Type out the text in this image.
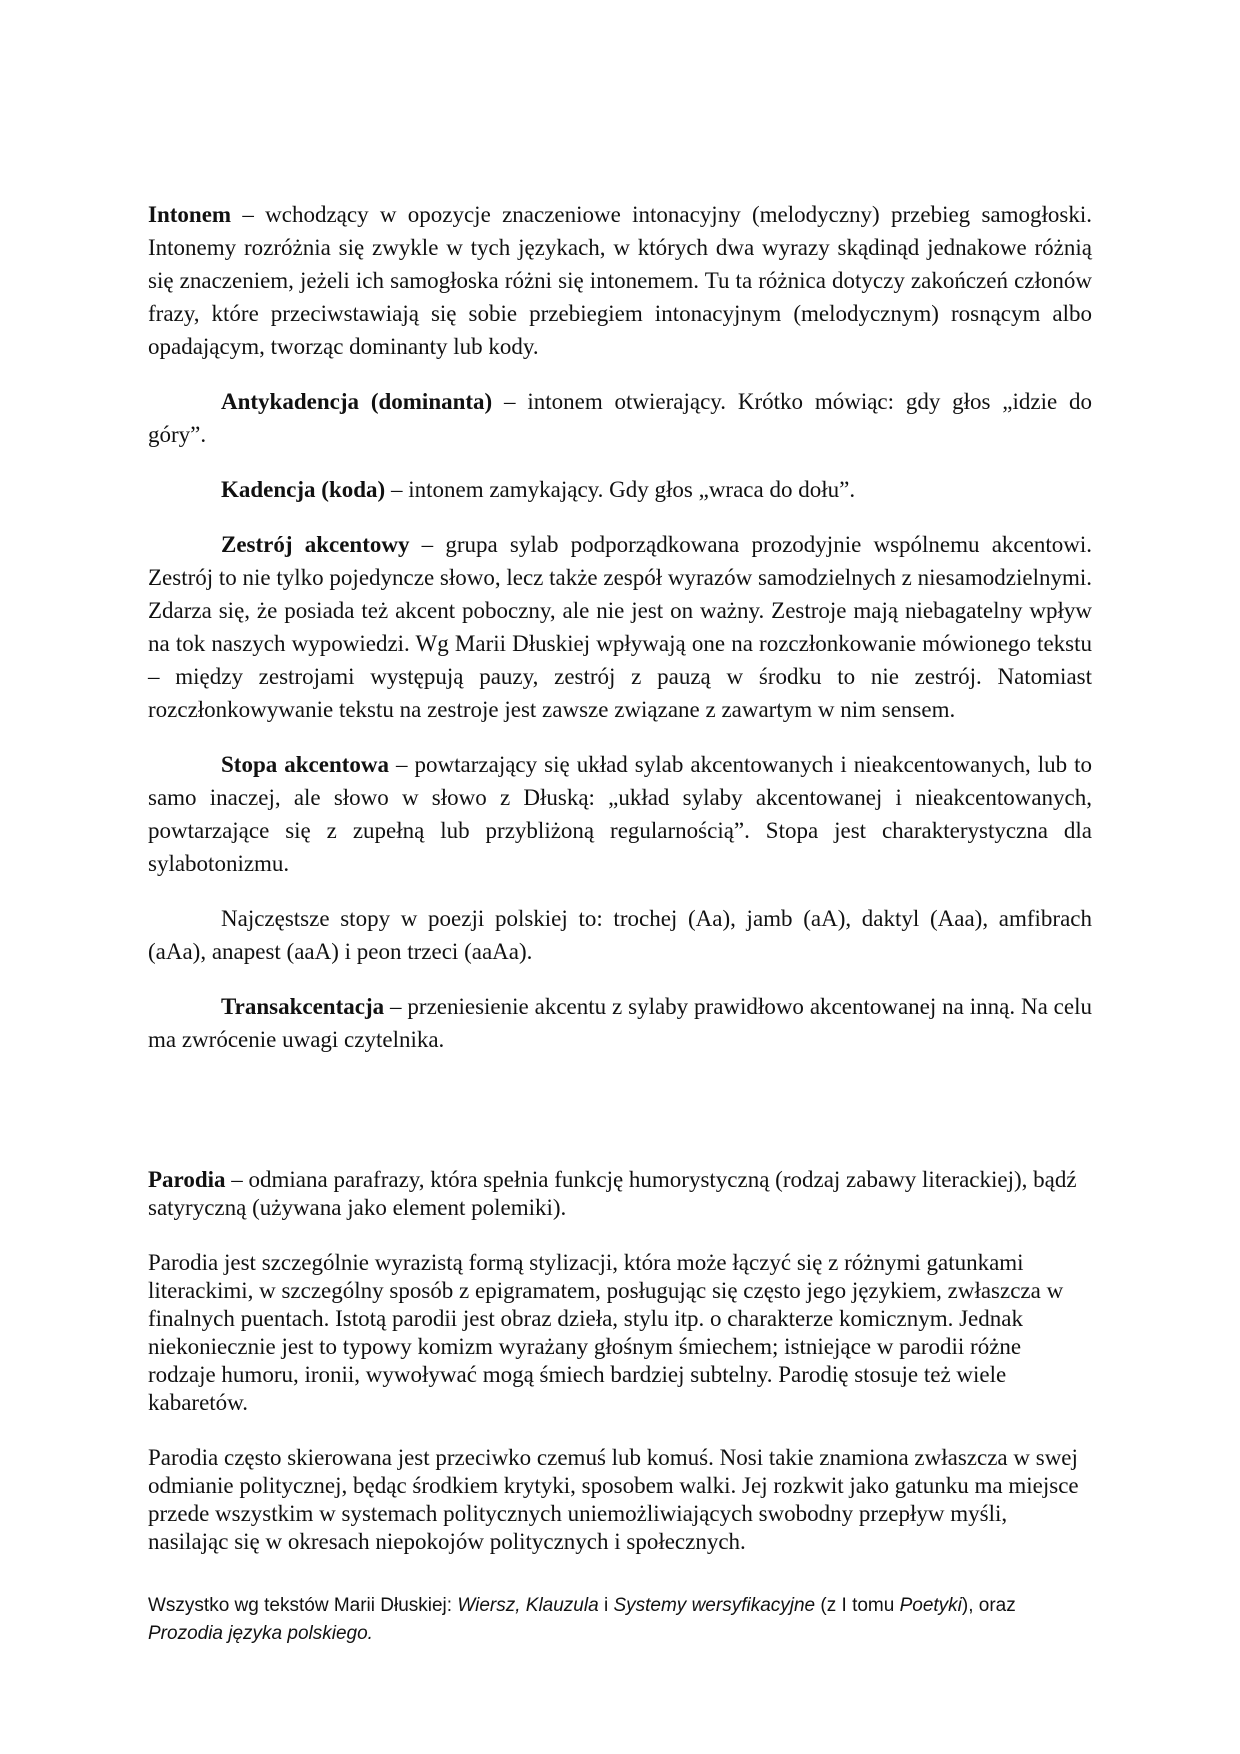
Intonem – wchodzący w opozycje znaczeniowe intonacyjny (melodyczny) przebieg samogłoski. Intonemy rozróżnia się zwykle w tych językach, w których dwa wyrazy skądinąd jednakowe różnią się znaczeniem, jeżeli ich samogłoska różni się intonemem. Tu ta różnica dotyczy zakończeń członów frazy, które przeciwstawiają się sobie przebiegiem intonacyjnym (melodycznym) rosnącym albo opadającym, tworząc dominanty lub kody.

Antykadencja (dominanta) – intonem otwierający. Krótko mówiąc: gdy głos „idzie do góry”.

Kadencja (koda) – intonem zamykający. Gdy głos „wraca do dołu”.

Zestrój akcentowy – grupa sylab podporządkowana prozodyjnie wspólnemu akcentowi. Zestrój to nie tylko pojedyncze słowo, lecz także zespół wyrazów samodzielnych z niesamodzielnymi. Zdarza się, że posiada też akcent poboczny, ale nie jest on ważny. Zestroje mają niebagatelny wpływ na tok naszych wypowiedzi. Wg Marii Dłuskiej wpływają one na rozczłonkowanie mówionego tekstu – między zestrojami występują pauzy, zestrój z pauzą w środku to nie zestrój. Natomiast rozczłonkowywanie tekstu na zestroje jest zawsze związane z zawartym w nim sensem.

Stopa akcentowa – powtarzający się układ sylab akcentowanych i nieakcentowanych, lub to samo inaczej, ale słowo w słowo z Dłuską: „układ sylaby akcentowanej i nieakcentowanych, powtarzające się z zupełną lub przybliżoną regularnością”. Stopa jest charakterystyczna dla sylabotonizmu.

Najczęstsze stopy w poezji polskiej to: trochej (Aa), jamb (aA), daktyl (Aaa), amfibrach (aAa), anapest (aaA) i peon trzeci (aaAa).

Transakcentacja – przeniesienie akcentu z sylaby prawidłowo akcentowanej na inną. Na celu ma zwrócenie uwagi czytelnika.

Parodia – odmiana parafrazy, która spełnia funkcję humorystyczną (rodzaj zabawy literackiej), bądź satyryczną (używana jako element polemiki).

Parodia jest szczególnie wyrazistą formą stylizacji, która może łączyć się z różnymi gatunkami literackimi, w szczególny sposób z epigramatem, posługując się często jego językiem, zwłaszcza w finalnych puentach. Istotą parodii jest obraz dzieła, stylu itp. o charakterze komicznym. Jednak niekoniecznie jest to typowy komizm wyrażany głośnym śmiechem; istniejące w parodii różne rodzaje humoru, ironii, wywoływać mogą śmiech bardziej subtelny. Parodię stosuje też wiele kabaretów.

Parodia często skierowana jest przeciwko czemuś lub komuś. Nosi takie znamiona zwłaszcza w swej odmianie politycznej, będąc środkiem krytyki, sposobem walki. Jej rozkwit jako gatunku ma miejsce przede wszystkim w systemach politycznych uniemożliwiających swobodny przepływ myśli, nasilając się w okresach niepokojów politycznych i społecznych.

Wszystko wg tekstów Marii Dłuskiej: Wiersz, Klauzula i Systemy wersyfikacyjne (z I tomu Poetyki), oraz Prozodia języka polskiego.
